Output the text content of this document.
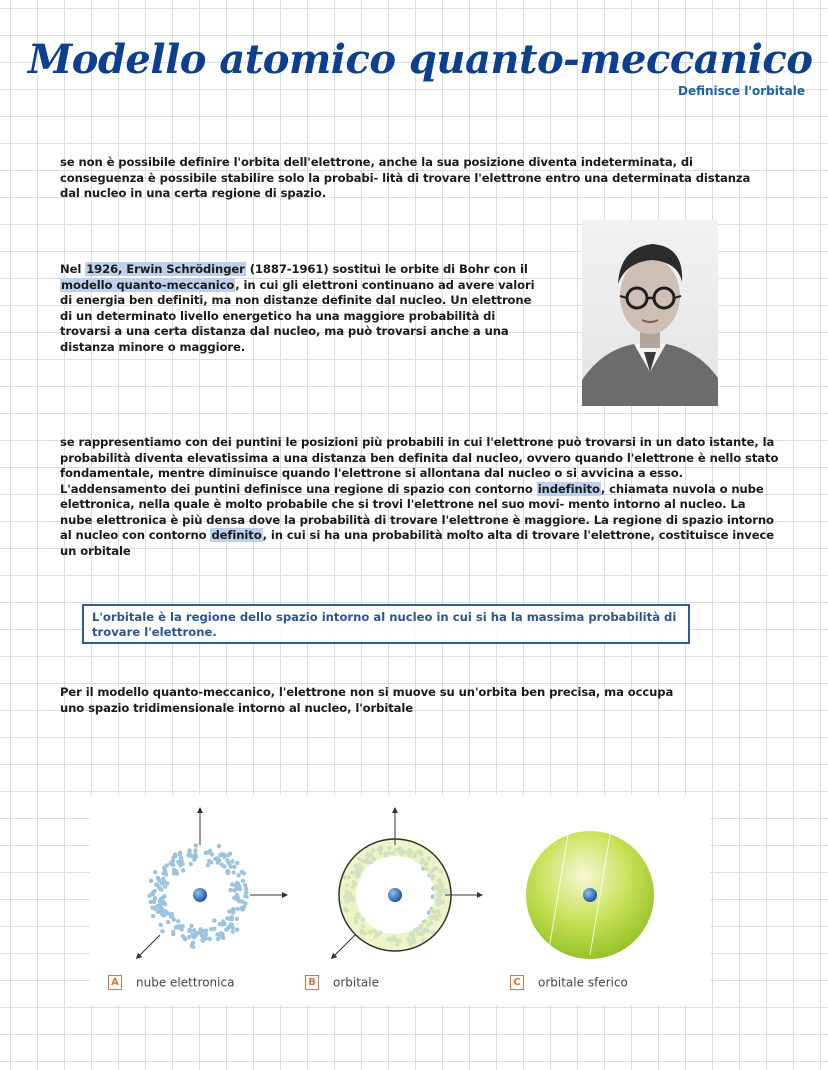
Modello atomico quanto-meccanico
Definisce l'orbitale

se non è possibile definire l'orbita dell'elettrone, anche la sua posizione diventa indeterminata, di conseguenza è possibile stabilire solo la probabi- lità di trovare l'elettrone entro una determinata distanza dal nucleo in una certa regione di spazio.

Nel 1926, Erwin Schrödinger (1887-1961) sostituì le orbite di Bohr con il modello quanto-meccanico, in cui gli elettroni continuano ad avere valori di energia ben definiti, ma non distanze definite dal nucleo. Un elettrone di un determinato livello energetico ha una maggiore probabilità di trovarsi a una certa distanza dal nucleo, ma può trovarsi anche a una distanza minore o maggiore.

se rappresentiamo con dei puntini le posizioni più probabili in cui l'elettrone può trovarsi in un dato istante, la probabilità diventa elevatissima a una distanza ben definita dal nucleo, ovvero quando l'elettrone è nello stato fondamentale, mentre diminuisce quando l'elettrone si allontana dal nucleo o si avvicina a esso. L'addensamento dei puntini definisce una regione di spazio con contorno indefinito, chiamata nuvola o nube elettronica, nella quale è molto probabile che si trovi l'elettrone nel suo movi- mento intorno al nucleo. La nube elettronica è più densa dove la probabilità di trovare l'elettrone è maggiore. La regione di spazio intorno al nucleo con contorno definito, in cui si ha una probabilità molto alta di trovare l'elettrone, costituisce invece un orbitale

L'orbitale è la regione dello spazio intorno al nucleo in cui si ha la massima probabilità di trovare l'elettrone.

Per il modello quanto-meccanico, l'elettrone non si muove su un'orbita ben precisa, ma occupa uno spazio tridimensionale intorno al nucleo, l'orbitale

A nube elettronica	B orbitale	C orbitale sferico
